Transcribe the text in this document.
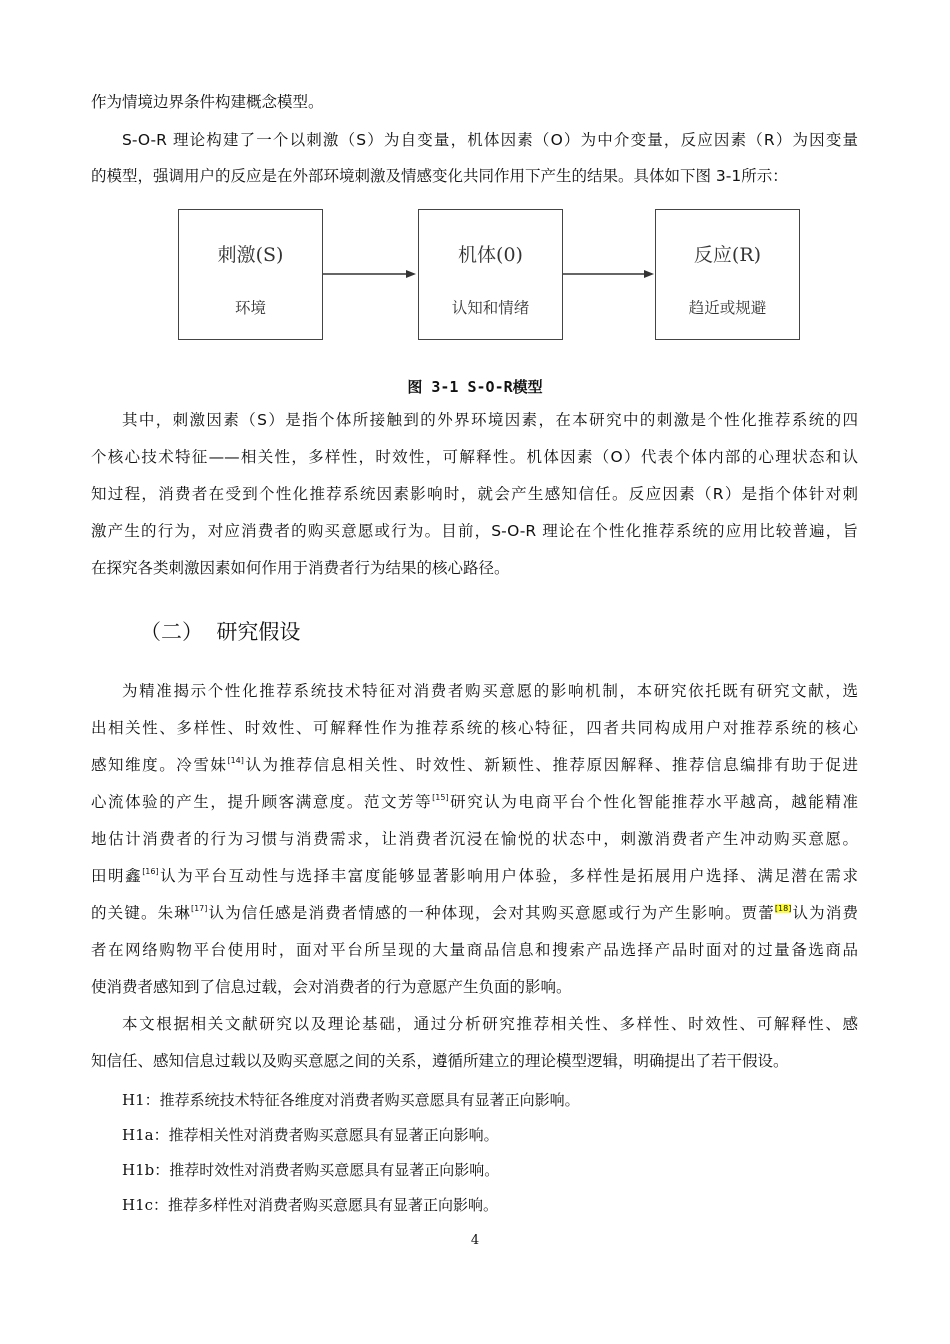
作为情境边界条件构建概念模型。
S-O-R 理论构建了一个以刺激（S）为自变量，机体因素（O）为中介变量，反应因素（R）为因变量
的模型，强调用户的反应是在外部环境刺激及情感变化共同作用下产生的结果。具体如下图 3-1所示：
刺激(S)
环境
机体(0)
认知和情绪
反应(R)
趋近或规避
图 3-1 S-O-R模型
其中，刺激因素（S）是指个体所接触到的外界环境因素，在本研究中的刺激是个性化推荐系统的四
个核心技术特征——相关性，多样性，时效性，可解释性。机体因素（O）代表个体内部的心理状态和认
知过程，消费者在受到个性化推荐系统因素影响时，就会产生感知信任。反应因素（R）是指个体针对刺
激产生的行为，对应消费者的购买意愿或行为。目前，S-O-R 理论在个性化推荐系统的应用比较普遍，旨
在探究各类刺激因素如何作用于消费者行为结果的核心路径。
（二）  研究假设
为精准揭示个性化推荐系统技术特征对消费者购买意愿的影响机制，本研究依托既有研究文献，选
出相关性、多样性、时效性、可解释性作为推荐系统的核心特征，四者共同构成用户对推荐系统的核心
感知维度。冷雪妹[14]认为推荐信息相关性、时效性、新颖性、推荐原因解释、推荐信息编排有助于促进
心流体验的产生，提升顾客满意度。范文芳等[15]研究认为电商平台个性化智能推荐水平越高，越能精准
地估计消费者的行为习惯与消费需求，让消费者沉浸在愉悦的状态中，刺激消费者产生冲动购买意愿。
田明鑫[16]认为平台互动性与选择丰富度能够显著影响用户体验，多样性是拓展用户选择、满足潜在需求
的关键。朱琳[17]认为信任感是消费者情感的一种体现，会对其购买意愿或行为产生影响。贾蕾[18]认为消费
者在网络购物平台使用时，面对平台所呈现的大量商品信息和搜索产品选择产品时面对的过量备选商品
使消费者感知到了信息过载，会对消费者的行为意愿产生负面的影响。
本文根据相关文献研究以及理论基础，通过分析研究推荐相关性、多样性、时效性、可解释性、感
知信任、感知信息过载以及购买意愿之间的关系，遵循所建立的理论模型逻辑，明确提出了若干假设。
H1：推荐系统技术特征各维度对消费者购买意愿具有显著正向影响。
H1a：推荐相关性对消费者购买意愿具有显著正向影响。
H1b：推荐时效性对消费者购买意愿具有显著正向影响。
H1c：推荐多样性对消费者购买意愿具有显著正向影响。
4
